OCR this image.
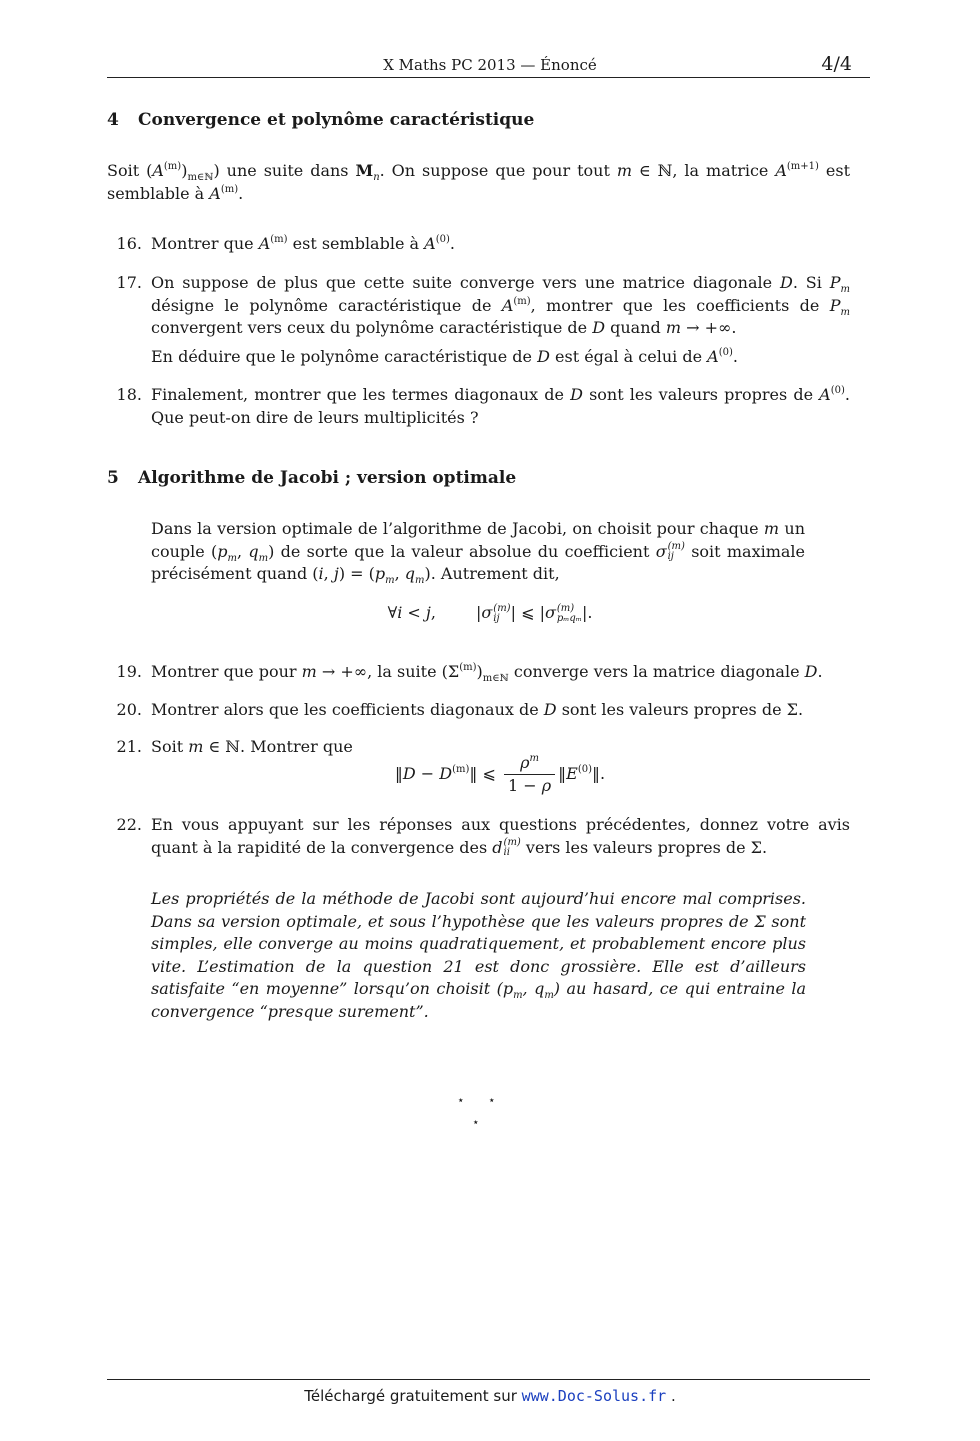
X Maths PC 2013 — Énoncé	4/4
4 Convergence et polynôme caractéristique
Soit $(A^{(m)})_{m\in ℕ}$) une suite dans $M_n$. On suppose que pour tout m ∈ ℕ, la matrice $A^{(m+1)}$ est semblable à $A^{(m)}$.
16. Montrer que $A^{(m)}$ est semblable à $A^{(0)}$.
17. On suppose de plus que cette suite converge vers une matrice diagonale D. Si $P_m$ désigne le polynôme caractéristique de $A^{(m)}$, montrer que les coefficients de $P_m$ convergent vers ceux du polynôme caractéristique de D quand m → +∞.
En déduire que le polynôme caractéristique de D est égal à celui de $A^{(0)}$.
18. Finalement, montrer que les termes diagonaux de D sont les valeurs propres de $A^{(0)}$. Que peut-on dire de leurs multiplicités ?
5 Algorithme de Jacobi ; version optimale
Dans la version optimale de l’algorithme de Jacobi, on choisit pour chaque m un couple ($p_m$, $q_m$) de sorte que la valeur absolue du coefficient σ (m)
ij soit maximale précisément quand (i, $j) = (p_m$, $q_m$). Autrement dit,
∀i < j,	|σ (m)
ij | ⩽ |σ (m)
pₘqₘ |.
19. Montrer que pour m → +∞, la suite $(\Sigma^{(m)})_{m\in ℕ}$ converge vers la matrice diagonale D.
20. Montrer alors que les coefficients diagonaux de D sont les valeurs propres de Σ.
21. Soit m ∈ ℕ. Montrer que
‖D − $D^{(m)}‖$ ⩽ $\frac{\rho^m}{1 - \rho}$ $‖E^{(0)}‖$.
22. En vous appuyant sur les réponses aux questions précédentes, donnez votre avis quant à la rapidité de la convergence des d (m)
ii vers les valeurs propres de Σ.
Les propriétés de la méthode de Jacobi sont aujourd’hui encore mal comprises. Dans sa version optimale, et sous l’hypothèse que les valeurs propres de Σ sont simples, elle converge au moins quadratiquement, et probablement encore plus vite. L’estimation de la question 21 est donc grossière. Elle est d’ailleurs satisfaite “en moyenne” lorsqu’on choisit ($p_m$, $q_m$) au hasard, ce qui entraine la convergence “presque surement”.
⋆ ⋆
⋆
Téléchargé gratuitement sur www.Doc-Solus.fr .
